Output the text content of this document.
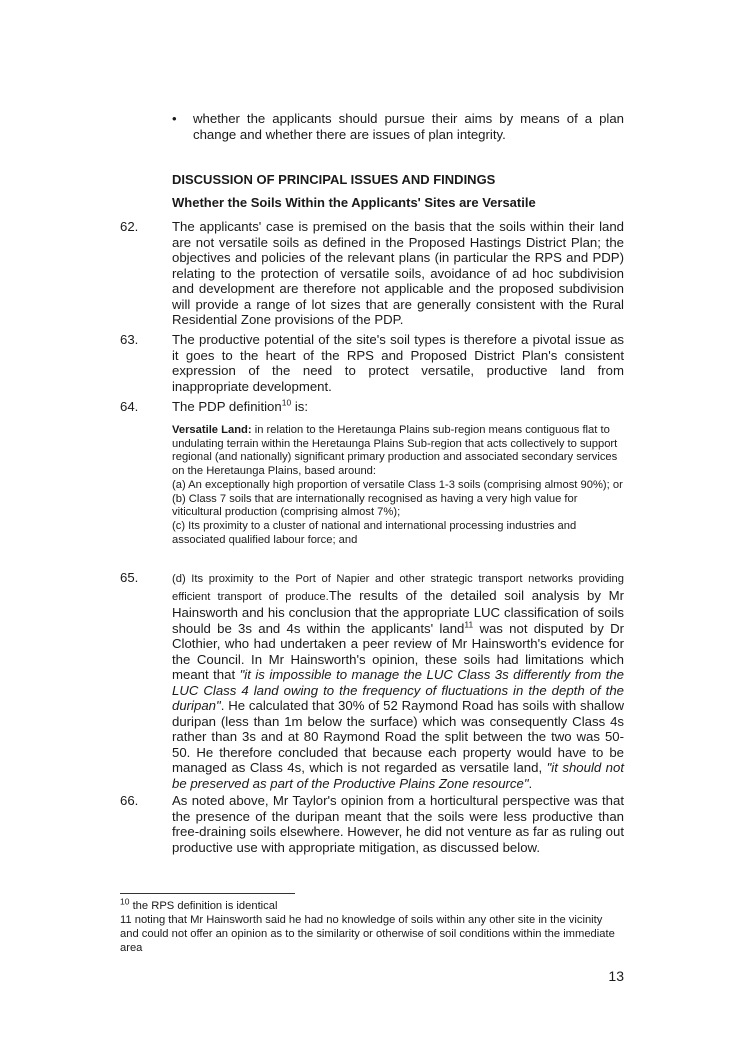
• whether the applicants should pursue their aims by means of a plan change and whether there are issues of plan integrity.
DISCUSSION OF PRINCIPAL ISSUES AND FINDINGS
Whether the Soils Within the Applicants' Sites are Versatile
62.	The applicants' case is premised on the basis that the soils within their land are not versatile soils as defined in the Proposed Hastings District Plan; the objectives and policies of the relevant plans (in particular the RPS and PDP) relating to the protection of versatile soils, avoidance of ad hoc subdivision and development are therefore not applicable and the proposed subdivision will provide a range of lot sizes that are generally consistent with the Rural Residential Zone provisions of the PDP.
63.	The productive potential of the site's soil types is therefore a pivotal issue as it goes to the heart of the RPS and Proposed District Plan's consistent expression of the need to protect versatile, productive land from inappropriate development.
64.	The PDP definition$^{10}$ is:
Versatile Land: in relation to the Heretaunga Plains sub-region means contiguous flat to undulating terrain within the Heretaunga Plains Sub-region that acts collectively to support regional (and nationally) significant primary production and associated secondary services on the Heretaunga Plains, based around:
(a) An exceptionally high proportion of versatile Class 1-3 soils (comprising almost 90%); or
(b) Class 7 soils that are internationally recognised as having a very high value for viticultural production (comprising almost 7%);
(c) Its proximity to a cluster of national and international processing industries and associated qualified labour force; and
65.	(d) Its proximity to the Port of Napier and other strategic transport networks providing efficient transport of produce.The results of the detailed soil analysis by Mr Hainsworth and his conclusion that the appropriate LUC classification of soils should be 3s and 4s within the applicants' land$^{11}$ was not disputed by Dr Clothier, who had undertaken a peer review of Mr Hainsworth's evidence for the Council. In Mr Hainsworth's opinion, these soils had limitations which meant that "it is impossible to manage the LUC Class 3s differently from the LUC Class 4 land owing to the frequency of fluctuations in the depth of the duripan". He calculated that 30% of 52 Raymond Road has soils with shallow duripan (less than 1m below the surface) which was consequently Class 4s rather than 3s and at 80 Raymond Road the split between the two was 50-50. He therefore concluded that because each property would have to be managed as Class 4s, which is not regarded as versatile land, "it should not be preserved as part of the Productive Plains Zone resource".
66.	As noted above, Mr Taylor's opinion from a horticultural perspective was that the presence of the duripan meant that the soils were less productive than free-draining soils elsewhere. However, he did not venture as far as ruling out productive use with appropriate mitigation, as discussed below.
$^{10}$ the RPS definition is identical
11 noting that Mr Hainsworth said he had no knowledge of soils within any other site in the vicinity and could not offer an opinion as to the similarity or otherwise of soil conditions within the immediate area
13
